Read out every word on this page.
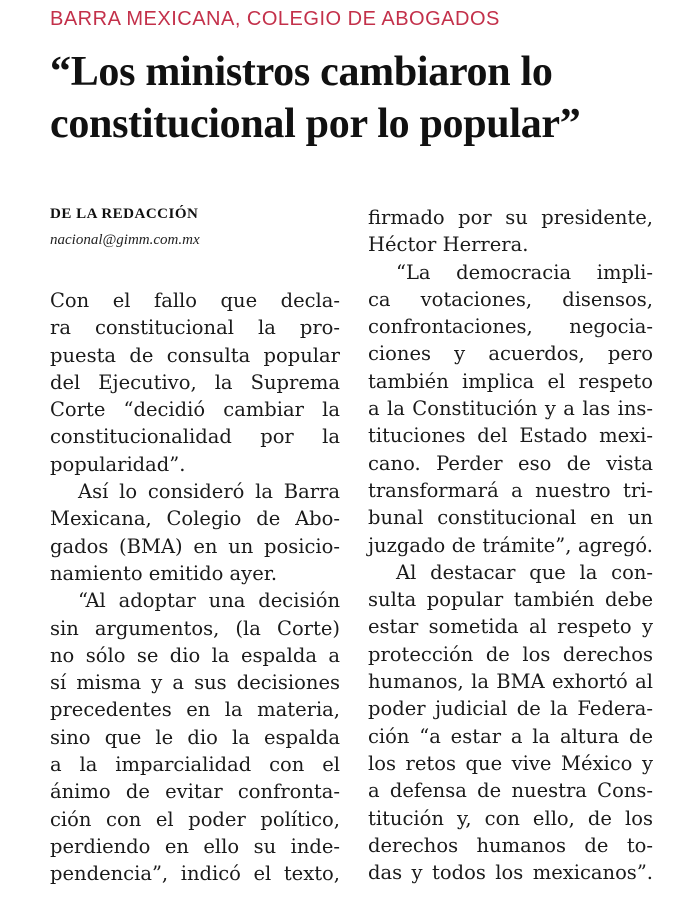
BARRA MEXICANA, COLEGIO DE ABOGADOS
“Los ministros cambiaron lo
constitucional por lo popular”
DE LA REDACCIÓN
nacional@gimm.com.mx
Con el fallo que decla-
ra constitucional la pro-
puesta de consulta popular
del Ejecutivo, la Suprema
Corte “decidió cambiar la
constitucionalidad por la
popularidad”.
Así lo consideró la Barra
Mexicana, Colegio de Abo-
gados (BMA) en un posicio-
namiento emitido ayer.
“Al adoptar una decisión
sin argumentos, (la Corte)
no sólo se dio la espalda a
sí misma y a sus decisiones
precedentes en la materia,
sino que le dio la espalda
a la imparcialidad con el
ánimo de evitar confronta-
ción con el poder político,
perdiendo en ello su inde-
pendencia”, indicó el texto,
firmado por su presidente,
Héctor Herrera.
“La democracia impli-
ca votaciones, disensos,
confrontaciones, negocia-
ciones y acuerdos, pero
también implica el respeto
a la Constitución y a las ins-
tituciones del Estado mexi-
cano. Perder eso de vista
transformará a nuestro tri-
bunal constitucional en un
juzgado de trámite”, agregó.
Al destacar que la con-
sulta popular también debe
estar sometida al respeto y
protección de los derechos
humanos, la BMA exhortó al
poder judicial de la Federa-
ción “a estar a la altura de
los retos que vive México y
a defensa de nuestra Cons-
titución y, con ello, de los
derechos humanos de to-
das y todos los mexicanos”.
